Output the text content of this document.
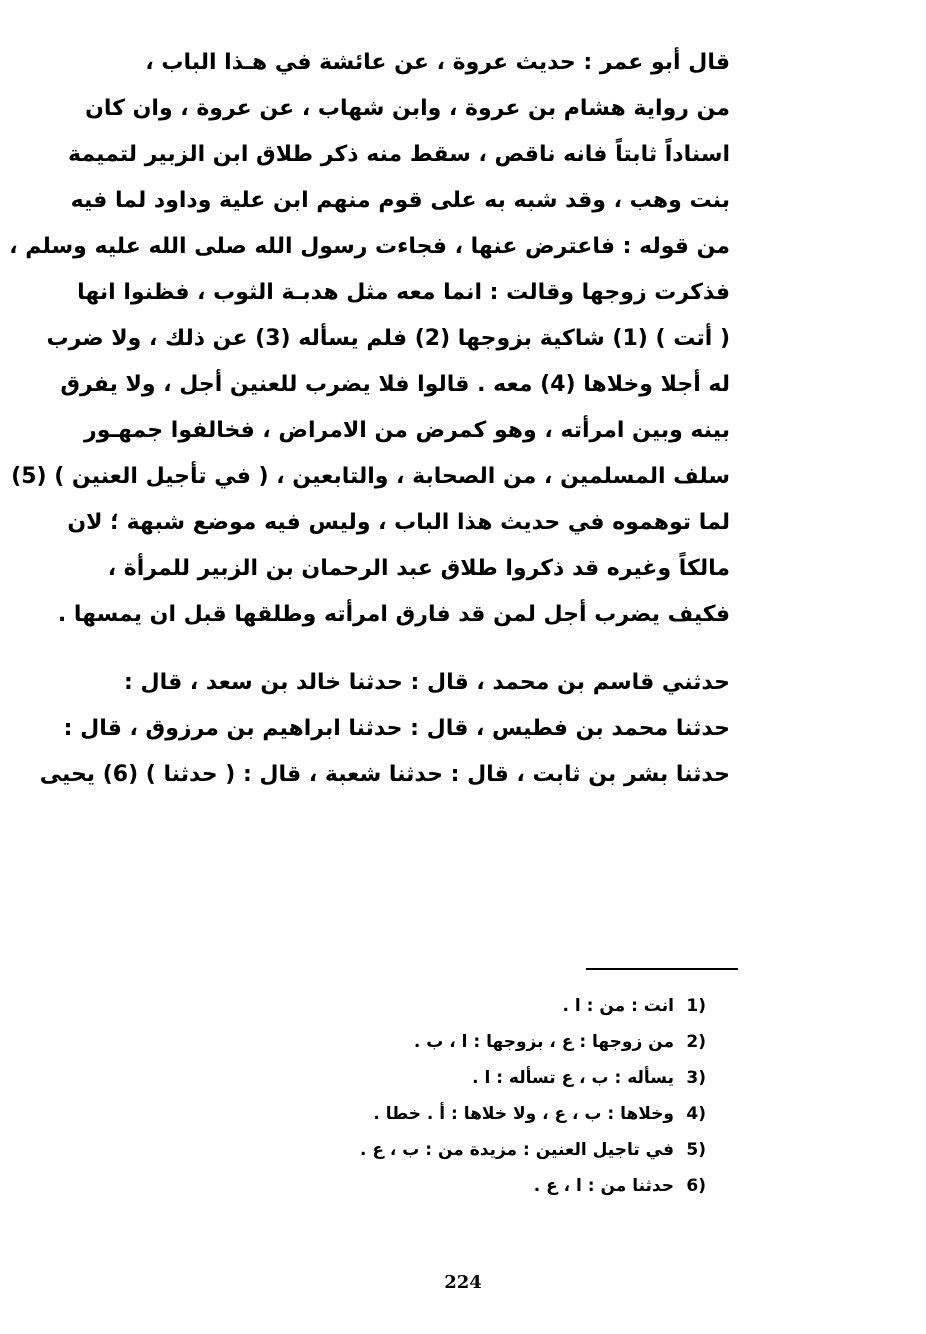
قال أبو عمر : حديث عروة ، عن عائشة في هـذا الباب ،
من رواية هشام بن عروة ، وابن شهاب ، عن عروة ، وان كان
اسناداً ثابتاً فانه ناقص ، سقط منه ذكر طلاق ابن الزبير لتميمة
بنت وهب ، وقد شبه به على قوم منهم ابن علية وداود لما فيه
من قوله : فاعترض عنها ، فجاءت رسول الله صلى الله عليه وسلم ،
فذكرت زوجها وقالت : انما معه مثل هدبـة الثوب ، فظنوا انها
( أتت ) (1) شاكية بزوجها (2) فلم يسأله (3) عن ذلك ، ولا ضرب
له أجلا وخلاها (4) معه . قالوا فلا يضرب للعنين أجل ، ولا يفرق
بينه وبين امرأته ، وهو كمرض من الامراض ، فخالفوا جمهـور
سلف المسلمين ، من الصحابة ، والتابعين ، ( في تأجيل العنين ) (5)
لما توهموه في حديث هذا الباب ، وليس فيه موضع شبهة ؛ لان
مالكاً وغيره قد ذكروا طلاق عبد الرحمان بن الزبير للمرأة ،
فكيف يضرب أجل لمن قد فارق امرأته وطلقها قبل ان يمسها .
حدثني قاسم بن محمد ، قال : حدثنا خالد بن سعد ، قال :
حدثنا محمد بن فطيس ، قال : حدثنا ابراهيم بن مرزوق ، قال :
حدثنا بشر بن ثابت ، قال : حدثنا شعبة ، قال : ( حدثنا ) (6) يحيى
1)
انت : من : ا .
2)
من زوجها : ع ، بزوجها : ا ، ب .
3)
يسأله : ب ، ع تسأله : ا .
4)
وخلاها : ب ، ع ، ولا خلاها : أ . خطا .
5)
في تاجيل العنين : مزيدة من : ب ، ع .
6)
حدثنا من : ا ، ع .
224
